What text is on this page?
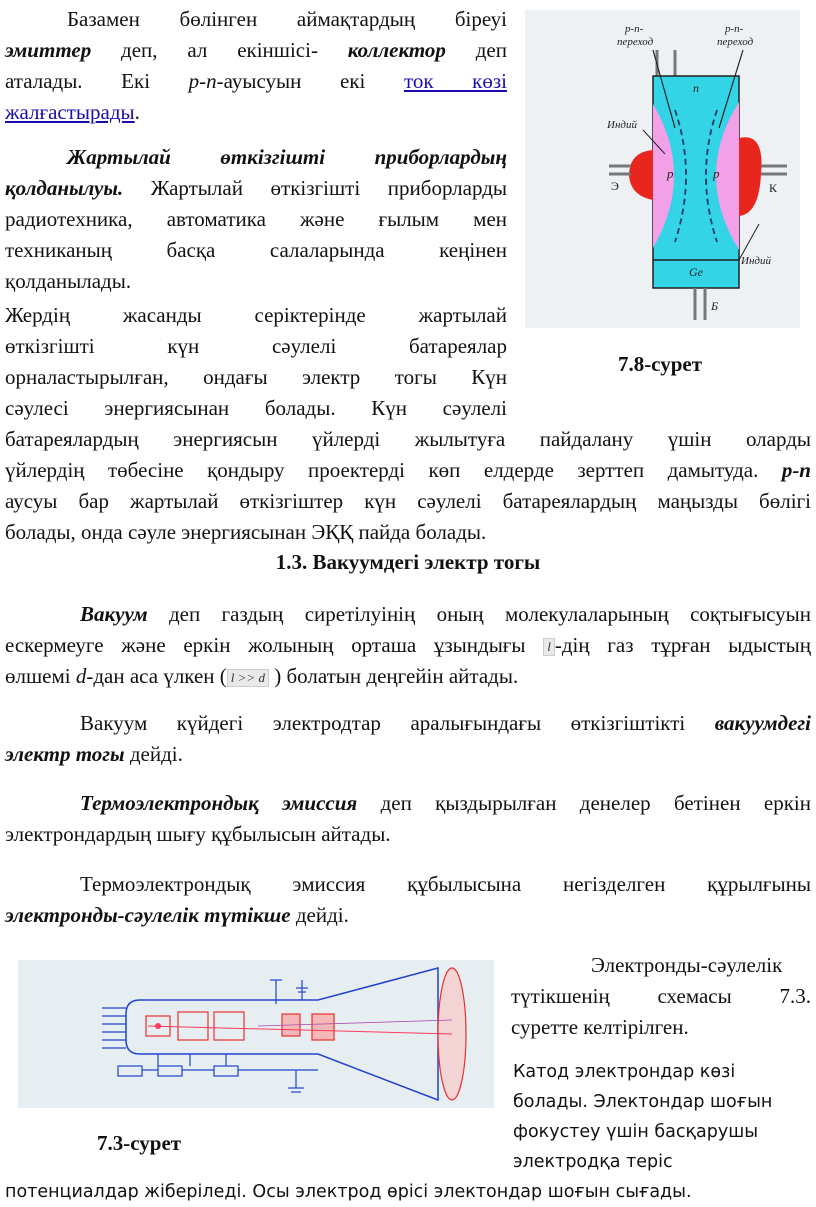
Базамен бөлінген аймақтардың біреуі
эмиттер деп, ал екіншісі- коллектор деп
аталады. Екі p-n-ауысуын екі ток көзі
жалғастырады.
Жартылай өткізгішті приборлардың
қолданылуы. Жартылай өткізгішті приборларды
радиотехника, автоматика және ғылым мен
техниканың басқа салаларында кеңінен
қолданылады.
Жердің жасанды серіктерінде жартылай
өткізгішті күн сәулелі батареялар
орналастырылған, ондағы электр тогы Күн
сәулесі энергиясынан болады. Күн сәулелі
батареялардың энергиясын үйлерді жылытуға пайдалану үшін оларды
үйлердің төбесіне қондыру проектерді көп елдерде зерттеп дамытуда. p-n
аусуы бар жартылай өткізгіштер күн сәулелі батареялардың маңызды бөлігі
болады, онда сәуле энергиясынан ЭҚҚ пайда болады.
p-n-
переход
p-n-
переход
n
Индий
p	p
Э	К
Ge
Индий
Б
7.8-сурет
1.3. Вакуумдегі электр тогы
Вакуум деп газдың сиретілуінің оның молекулаларының соқтығысуын
ескермеуге және еркін жолының орташа ұзындығы l -дің газ тұрған ыдыстың
өлшемі d-дан аса үлкен ( l >> d ) болатын деңгейін айтады.
Вакуум күйдегі электродтар аралығындағы өткізгіштікті вакуумдегі
электр тогы дейді.
Термоэлектрондық эмиссия деп қыздырылған денелер бетінен еркін
электрондардың шығу құбылысын айтады.
Термоэлектрондық эмиссия құбылысына негізделген құрылғыны
электронды-сәулелік түтікше дейді.
7.3-сурет
Электронды-сәулелік
түтікшенің схемасы 7.3.
суретте келтірілген.
Катод электрондар көзі
болады. Электондар шоғын
фокустеу үшін басқарушы
электродқа теріс
потенциалдар жіберіледі. Осы электрод өрісі электондар шоғын сығады.
